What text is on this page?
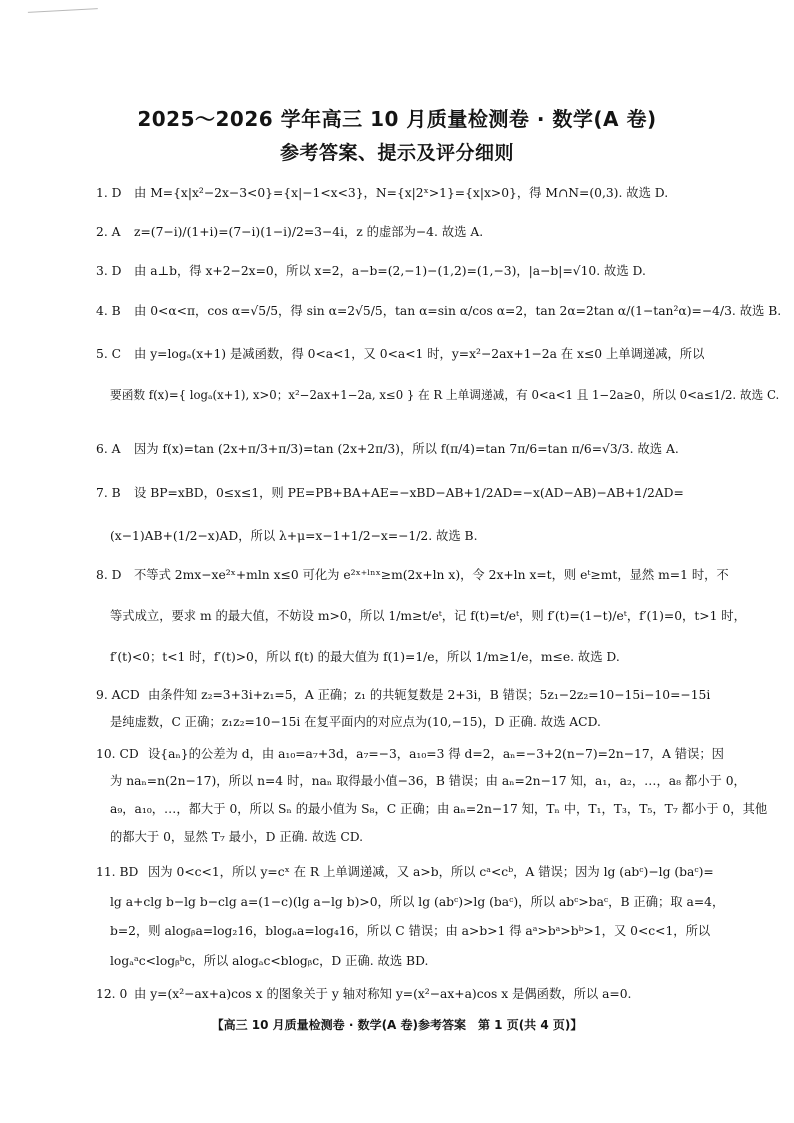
2025～2026 学年高三 10 月质量检测卷 · 数学(A 卷)
参考答案、提示及评分细则
1. D 由 M={x|x²−2x−3<0}={x|−1<x<3}，N={x|2ˣ>1}={x|x>0}，得 M∩N=(0,3). 故选 D.
2. A z=(7−i)/(1+i)=(7−i)(1−i)/2=3−4i，z 的虚部为−4. 故选 A.
3. D 由 a⊥b，得 x+2−2x=0，所以 x=2，a−b=(2,−1)−(1,2)=(1,−3)，|a−b|=√10. 故选 D.
4. B 由 0<α<π，cos α=√5/5，得 sin α=2√5/5，tan α=sin α/cos α=2，tan 2α=2tan α/(1−tan²α)=−4/3. 故选 B.
5. C 由 y=logₐ(x+1) 是减函数，得 0<a<1，又 0<a<1 时，y=x²−2ax+1−2a 在 x≤0 上单调递减，所以
要函数 f(x)={ logₐ(x+1), x>0；x²−2ax+1−2a, x≤0 } 在 R 上单调递减，有 0<a<1 且 1−2a≥0，所以 0<a≤1/2. 故选 C.
6. A 因为 f(x)=tan (2x+π/3+π/3)=tan (2x+2π/3)，所以 f(π/4)=tan 7π/6=tan π/6=√3/3. 故选 A.
7. B 设 BP=xBD，0≤x≤1，则 PE=PB+BA+AE=−xBD−AB+1/2AD=−x(AD−AB)−AB+1/2AD=
(x−1)AB+(1/2−x)AD，所以 λ+μ=x−1+1/2−x=−1/2. 故选 B.
8. D 不等式 2mx−xe²ˣ+mln x≤0 可化为 e²ˣ⁺ˡⁿˣ≥m(2x+ln x)，令 2x+ln x=t，则 eᵗ≥mt，显然 m=1 时，不
等式成立，要求 m 的最大值，不妨设 m>0，所以 1/m≥t/eᵗ，记 f(t)=t/eᵗ，则 f′(t)=(1−t)/eᵗ，f′(1)=0，t>1 时，
f′(t)<0；t<1 时，f′(t)>0，所以 f(t) 的最大值为 f(1)=1/e，所以 1/m≥1/e，m≤e. 故选 D.
9. ACD 由条件知 z₂=3+3i+z₁=5，A 正确；z₁ 的共轭复数是 2+3i，B 错误；5z₁−2z₂=10−15i−10=−15i
是纯虚数，C 正确；z₁z₂=10−15i 在复平面内的对应点为(10,−15)，D 正确. 故选 ACD.
10. CD 设{aₙ}的公差为 d，由 a₁₀=a₇+3d，a₇=−3，a₁₀=3 得 d=2，aₙ=−3+2(n−7)=2n−17，A 错误；因
为 naₙ=n(2n−17)，所以 n=4 时，naₙ 取得最小值−36，B 错误；由 aₙ=2n−17 知，a₁，a₂，…，a₈ 都小于 0，
a₉，a₁₀，…，都大于 0，所以 Sₙ 的最小值为 S₈，C 正确；由 aₙ=2n−17 知，Tₙ 中，T₁，T₃，T₅，T₇ 都小于 0，其他
的都大于 0，显然 T₇ 最小，D 正确. 故选 CD.
11. BD 因为 0<c<1，所以 y=cˣ 在 R 上单调递减，又 a>b，所以 cᵃ<cᵇ，A 错误；因为 lg (abᶜ)−lg (baᶜ)=
lg a+clg b−lg b−clg a=(1−c)(lg a−lg b)>0，所以 lg (abᶜ)>lg (baᶜ)，所以 abᶜ>baᶜ，B 正确；取 a=4，
b=2，则 alogᵦa=log₂16，blogₐa=log₄16，所以 C 错误；由 a>b>1 得 aᵃ>bᵃ>bᵇ>1，又 0<c<1，所以
logₐᵃc<logᵦᵇc，所以 alogₐc<blogᵦc，D 正确. 故选 BD.
12. 0 由 y=(x²−ax+a)cos x 的图象关于 y 轴对称知 y=(x²−ax+a)cos x 是偶函数，所以 a=0.
【高三 10 月质量检测卷 · 数学(A 卷)参考答案　第 1 页(共 4 页)】
